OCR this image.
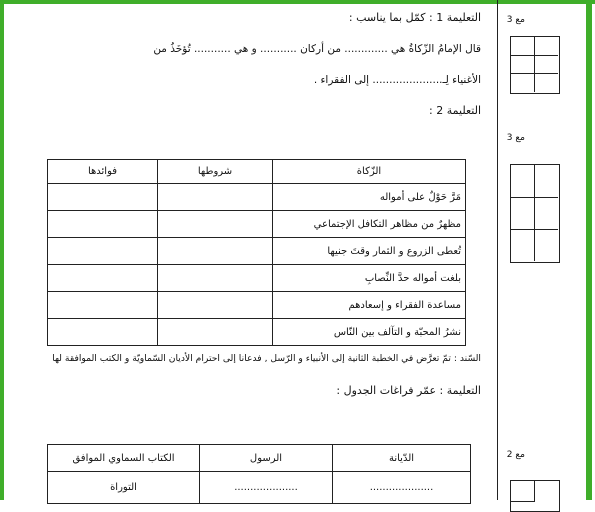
التعليمة 1 : كمّل بما يناسب :
قال الإمامُ الزّكاةُ هي ............. من أركان ........... و هي ........... تُؤخَذُ من
الأغنياء لِـ..................... إلى الفقراء .
التعليمة 2 :
الزّكاة	شروطها	فوائدها
مَرَّ حَوْلٌ على أمواله		
مظهرٌ من مظاهر التكافل الإجتماعي		
تُعطى الزروع و الثمار وقتَ جنيها		
بلغت أمواله حدَّ النِّصابِ		
مساعدة الفقراء و إسعادهم		
نشرُ المحبّة و التآلف بين النّاس		
السّند : تمّ تعرَّض في الخطبة الثانية إلى الأنبياء و الرّسل , فدعانا إلى احترام الأديان السّماويّة و الكتب الموافقة لها
التعليمة : عمّر فراغات الجدول :
الدّيانة	الرسول	الكتاب السماوي الموافق
....................	....................	التوراة
مع 3
مع 3
مع 2
